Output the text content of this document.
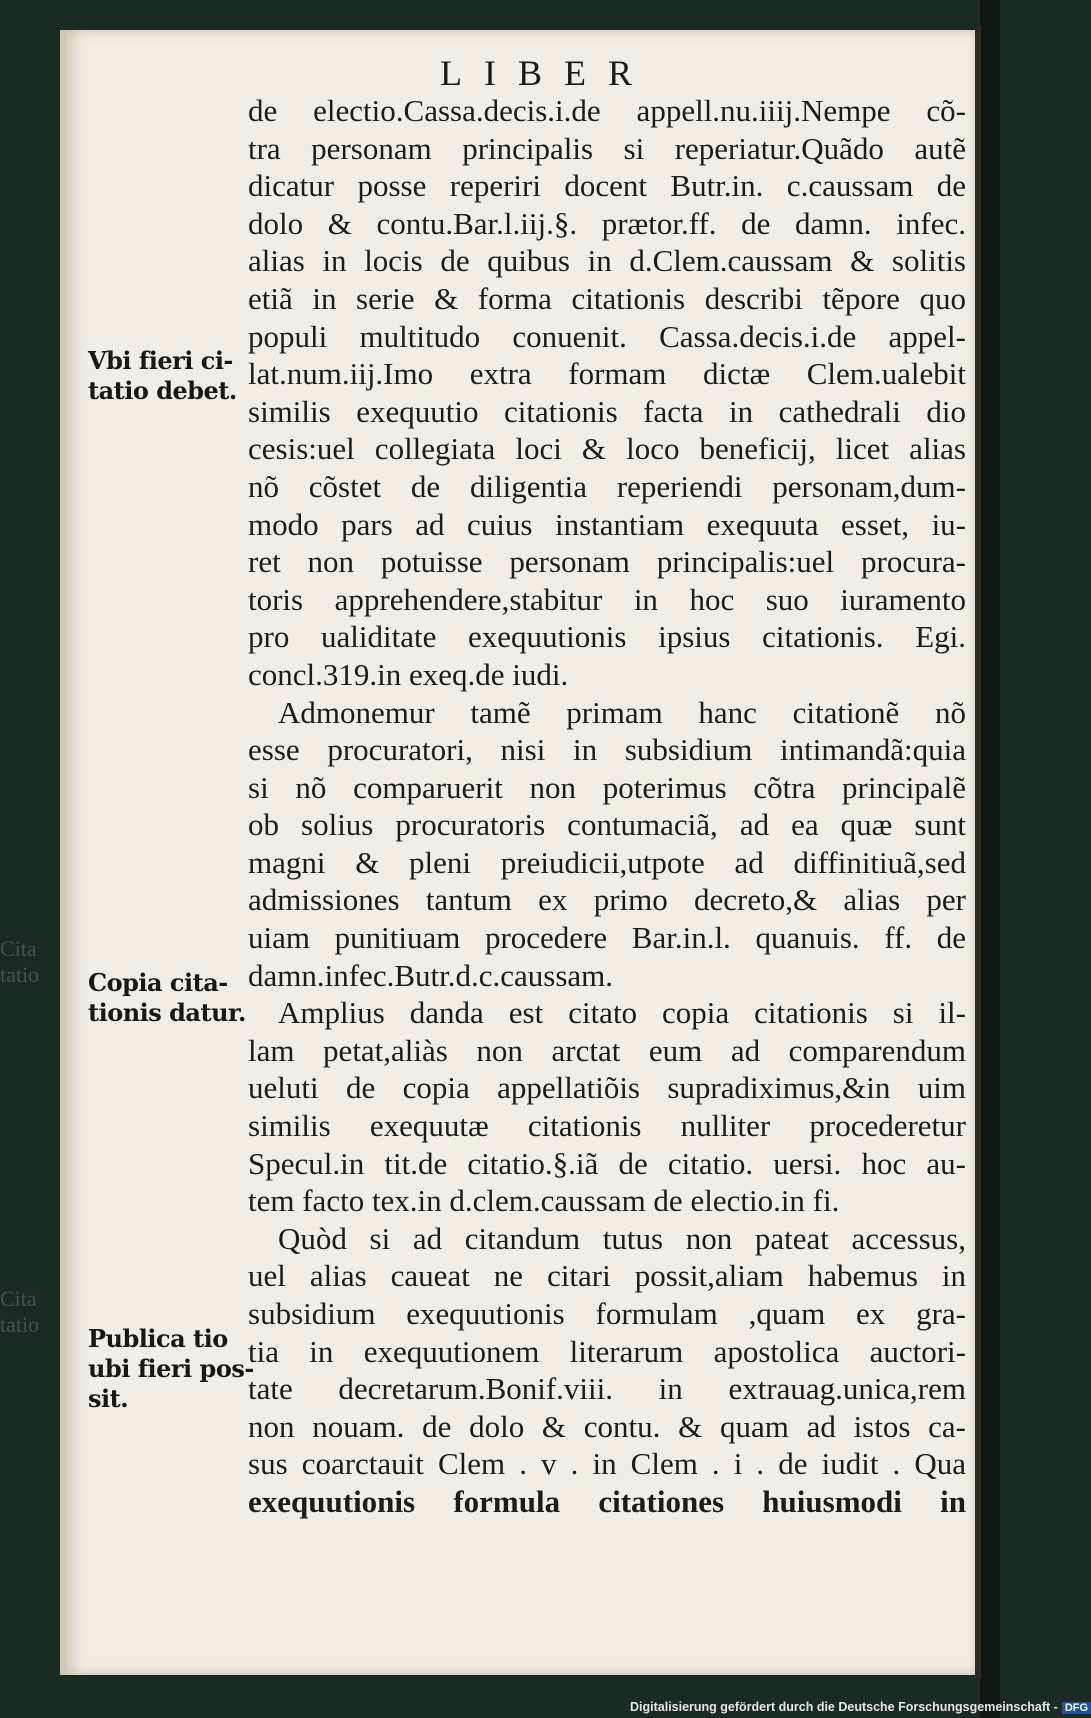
Cita
tatio
Cita
tatio
LIBER
Vbi fieri ci-
tatio debet.
Copia cita-
tionis datur.
Publica tio
ubi fieri pos-
sit.
de electio.Cassa.decis.i.de appell.nu.iiij.Nempe cõ-
tra personam principalis si reperiatur.Quãdo autẽ
dicatur posse reperiri docent Butr.in. c.caussam de
dolo & contu.Bar.l.iij.§. prætor.ff. de damn. infec.
alias in locis de quibus in d.Clem.caussam & solitis
etiã in serie & forma citationis describi tẽpore quo
populi multitudo conuenit. Cassa.decis.i.de appel-
lat.num.iij.Imo extra formam dictæ Clem.ualebit
similis exequutio citationis facta in cathedrali dio
cesis:uel collegiata loci & loco beneficij, licet alias
nõ cõstet de diligentia reperiendi personam,dum-
modo pars ad cuius instantiam exequuta esset, iu-
ret non potuisse personam principalis:uel procura-
toris apprehendere,stabitur in hoc suo iuramento
pro ualiditate exequutionis ipsius citationis. Egi.
concl.319.in exeq.de iudi.
Admonemur tamẽ primam hanc citationẽ nõ
esse procuratori, nisi in subsidium intimandã:quia
si nõ comparuerit non poterimus cõtra principalẽ
ob solius procuratoris contumaciã, ad ea quæ sunt
magni & pleni preiudicii,utpote ad diffinitiuã,sed
admissiones tantum ex primo decreto,& alias per
uiam punitiuam procedere Bar.in.l. quanuis. ff. de
damn.infec.Butr.d.c.caussam.
Amplius danda est citato copia citationis si il-
lam petat,aliàs non arctat eum ad comparendum
ueluti de copia appellatiõis supradiximus,&in uim
similis exequutæ citationis nulliter procederetur
Specul.in tit.de citatio.§.iã de citatio. uersi. hoc au-
tem facto tex.in d.clem.caussam de electio.in fi.
Quòd si ad citandum tutus non pateat accessus,
uel alias caueat ne citari possit,aliam habemus in
subsidium exequutionis formulam ,quam ex gra-
tia in exequutionem literarum apostolica auctori-
tate decretarum.Bonif.viii. in extrauag.unica,rem
non nouam. de dolo & contu. & quam ad istos ca-
sus coarctauit Clem . v . in Clem . i . de iudit . Qua
exequutionis formula citationes huiusmodi in
Digitalisierung gefördert durch die Deutsche Forschungsgemeinschaft - DFG
